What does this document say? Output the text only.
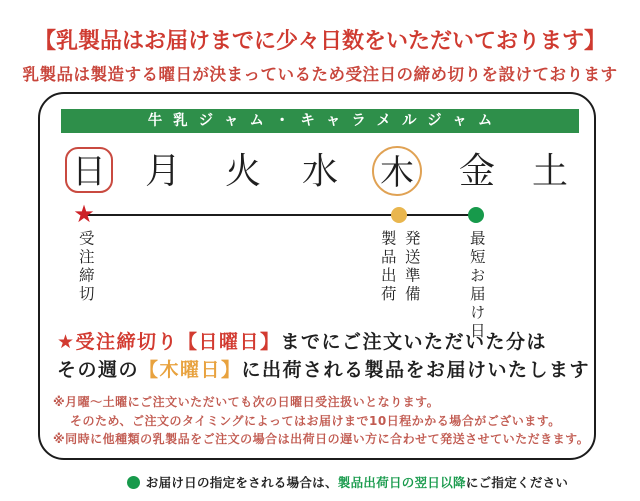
【乳製品はお届けまでに少々日数をいただいております】
乳製品は製造する曜日が決まっているため受注日の締め切りを設けております
牛乳ジャム・キャラメルジャム
日 月 火 水 木 金 土
★
受注締切	製品出荷 発送準備	最短お届け日
★受注締切り【日曜日】までにご注文いただいた分は
その週の【木曜日】に出荷される製品をお届けいたします
※月曜～土曜にご注文いただいても次の日曜日受注扱いとなります。
そのため、ご注文のタイミングによってはお届けまで10日程かかる場合がございます。
※同時に他種類の乳製品をご注文の場合は出荷日の遅い方に合わせて発送させていただきます。
お届け日の指定をされる場合は、製品出荷日の翌日以降にご指定ください
